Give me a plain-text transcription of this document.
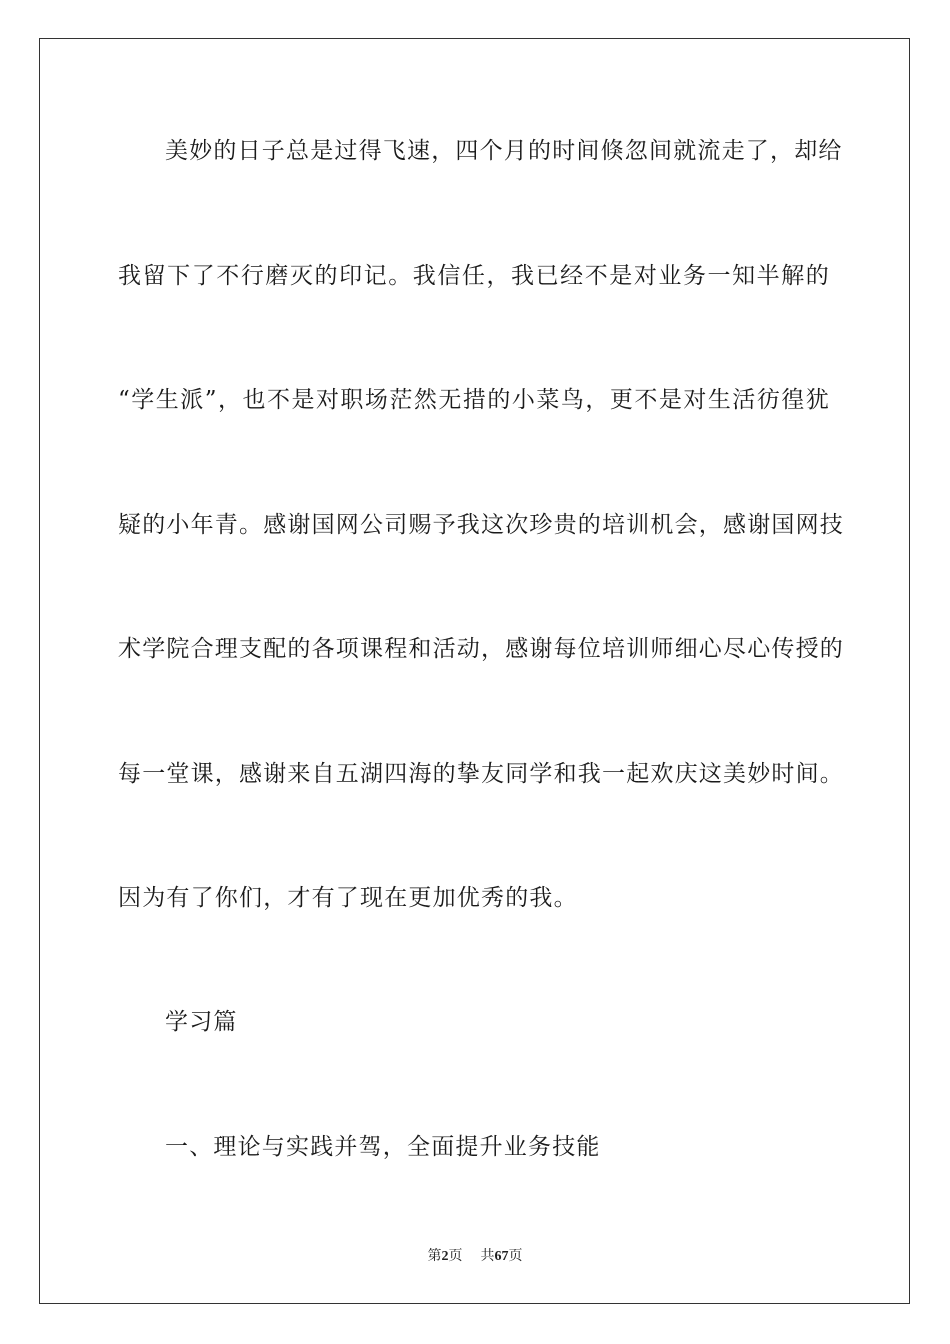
美妙的日子总是过得飞速，四个月的时间倏忽间就流走了，却给
我留下了不行磨灭的印记。我信任，我已经不是对业务一知半解的
“学生派”，也不是对职场茫然无措的小菜鸟，更不是对生活彷徨犹
疑的小年青。感谢国网公司赐予我这次珍贵的培训机会，感谢国网技
术学院合理支配的各项课程和活动，感谢每位培训师细心尽心传授的
每一堂课，感谢来自五湖四海的挚友同学和我一起欢庆这美妙时间。
因为有了你们，才有了现在更加优秀的我。
学习篇
一、理论与实践并驾，全面提升业务技能
第2页 共67页
